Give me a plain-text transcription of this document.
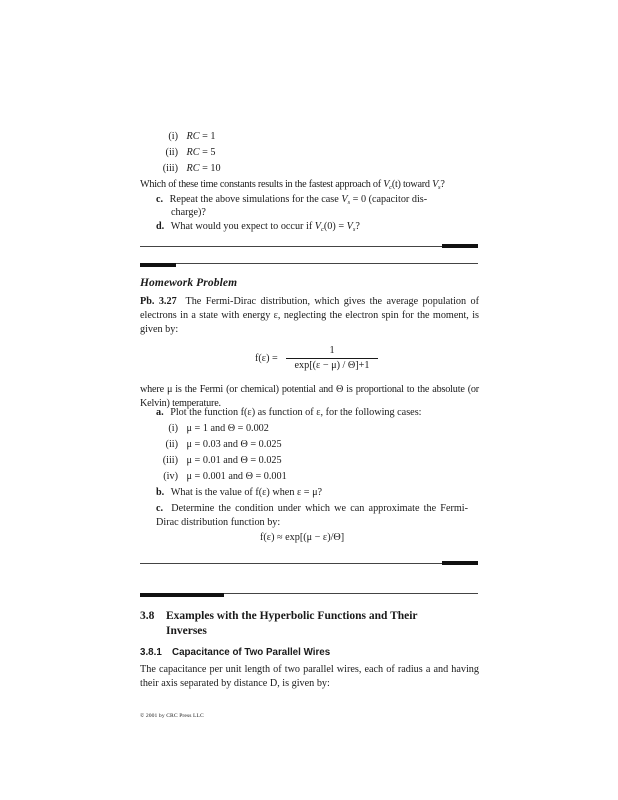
(i) RC = 1
(ii) RC = 5
(iii) RC = 10
Which of these time constants results in the fastest approach of $V_c(t)$ toward $V_s$?
c. Repeat the above simulations for the case $V_s = 0$ (capacitor dis-
charge)?
d. What would you expect to occur if $V_c(0) = V_s$?
Homework Problem
Pb. 3.27 The Fermi-Dirac distribution, which gives the average population of electrons in a state with energy ε, neglecting the electron spin for the moment, is given by:
f(ε) =
1
exp[(ε − μ) / Θ]+1
where μ is the Fermi (or chemical) potential and Θ is proportional to the absolute (or Kelvin) temperature.
a. Plot the function f(ε) as function of ε, for the following cases:
(i) μ = 1 and Θ = 0.002
(ii) μ = 0.03 and Θ = 0.025
(iii) μ = 0.01 and Θ = 0.025
(iv) μ = 0.001 and Θ = 0.001
b. What is the value of f(ε) when ε = μ?
c. Determine the condition under which we can approximate the Fermi-Dirac distribution function by:
f(ε) ≈ exp[(μ − ε)/Θ]
3.8 Examples with the Hyperbolic Functions and Their
Inverses
3.8.1 Capacitance of Two Parallel Wires
The capacitance per unit length of two parallel wires, each of radius a and having their axis separated by distance D, is given by:
© 2001 by CRC Press LLC
